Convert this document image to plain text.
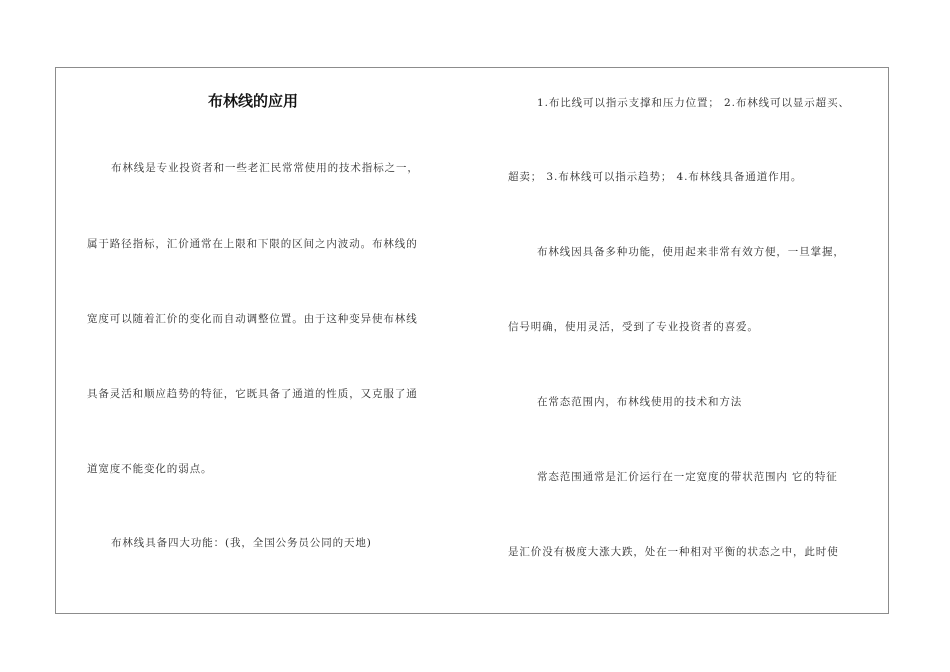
布林线的应用
布林线是专业投资者和一些老汇民常常使用的技术指标之一，
属于路径指标，汇价通常在上限和下限的区间之内波动。布林线的
宽度可以随着汇价的变化而自动调整位置。由于这种变异使布林线
具备灵活和顺应趋势的特征，它既具备了通道的性质，又克服了通
道宽度不能变化的弱点。
布林线具备四大功能：(我，全国公务员公同的天地)
1.布比线可以指示支撑和压力位置； 2.布林线可以显示超买、
超卖； 3.布林线可以指示趋势； 4.布林线具备通道作用。
布林线因具备多种功能，使用起来非常有效方便，一旦掌握，
信号明确，使用灵活，受到了专业投资者的喜爱。
在常态范围内，布林线使用的技术和方法
常态范围通常是汇价运行在一定宽度的带状范围内 它的特征
是汇价没有极度大涨大跌，处在一种相对平衡的状态之中，此时使
